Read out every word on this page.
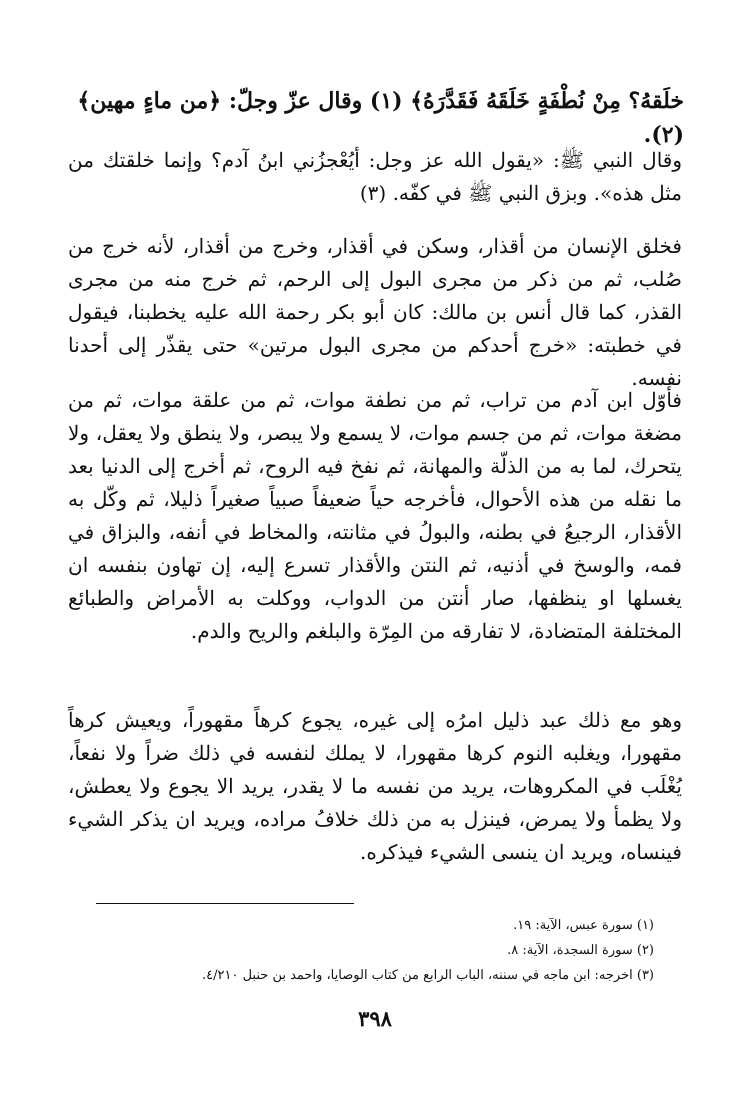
خلَقهُ؟ مِنْ نُطْفَةٍ خَلَقَهُ فَقَدَّرَهُ﴾ (١) وقال عزّ وجلّ: ﴿من ماءٍ مهين﴾ (٢).

وقال النبي ﷺ: «يقول الله عز وجل: أيُعْجزُني ابنُ آدم؟ وإنما خلقتك من مثل هذه». وبزق النبي ﷺ في كفّه. (٣)

فخلق الإنسان من أقذار، وسكن في أقذار، وخرج من أقذار، لأنه خرج من صُلب، ثم من ذكر من مجرى البول إلى الرحم، ثم خرج منه من مجرى القذر، كما قال أنس بن مالك: كان أبو بكر رحمة الله عليه يخطبنا، فيقول في خطبته: «خرج أحدكم من مجرى البول مرتين» حتى يقذّر إلى أحدنا نفسه.

فأوّل ابن آدم من تراب، ثم من نطفة موات، ثم من علقة موات، ثم من مضغة موات، ثم من جسم موات، لا يسمع ولا يبصر، ولا ينطق ولا يعقل، ولا يتحرك، لما به من الذلّة والمهانة، ثم نفخ فيه الروح، ثم أخرج إلى الدنيا بعد ما نقله من هذه الأحوال، فأخرجه حياً ضعيفاً صبياً صغيراً ذليلا، ثم وكّل به الأقذار، الرجيعُ في بطنه، والبولُ في مثانته، والمخاط في أنفه، والبزاق في فمه، والوسخ في أذنيه، ثم النتن والأقذار تسرع إليه، إن تهاون بنفسه ان يغسلها او ينظفها، صار أنتن من الدواب، ووكلت به الأمراض والطبائع المختلفة المتضادة، لا تفارقه من المِرّة والبلغم والريح والدم.

وهو مع ذلك عبد ذليل امرُه إلى غيره، يجوع كرهاً مقهوراً، ويعيش كرهاً مقهورا، ويغلبه النوم كرها مقهورا، لا يملك لنفسه في ذلك ضراً ولا نفعاً، يُغْلَب في المكروهات، يريد من نفسه ما لا يقدر، يريد الا يجوع ولا يعطش، ولا يظمأ ولا يمرض، فينزل به من ذلك خلافُ مراده، ويريد ان يذكر الشيء فينساه، ويريد ان ينسى الشيء فيذكره.

(١) سورة عبس، الآية: ١٩.
(٢) سورة السجدة، الآية: ٨.
(٣) اخرجه: ابن ماجه في سننه، الباب الرابع من كتاب الوصايا، واحمد بن حنبل ٤/٢١٠.
٣٩٨
